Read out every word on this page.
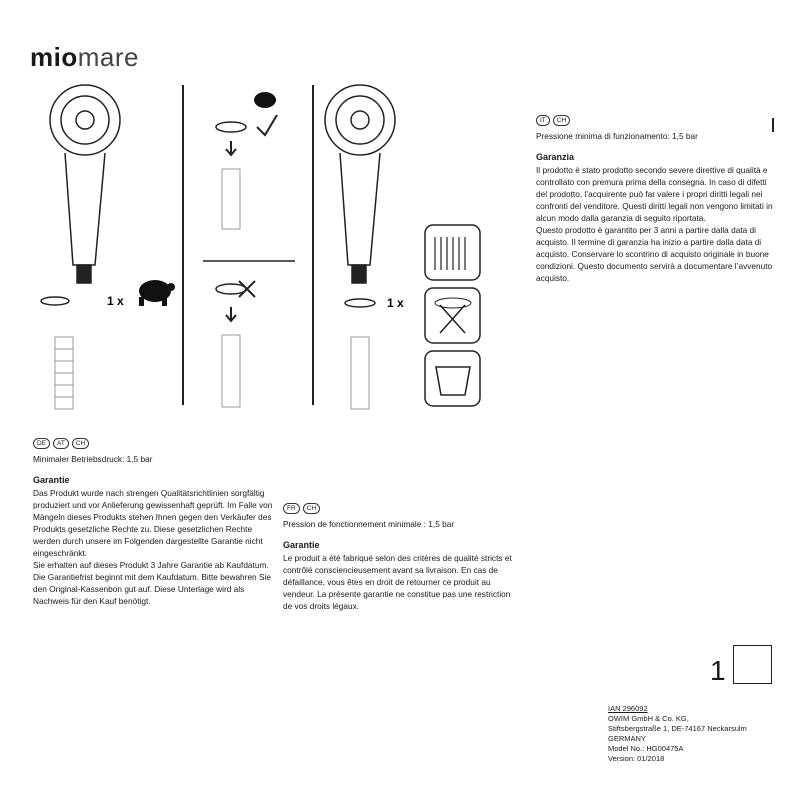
miomare
1 x	1 x
DE	AT	CH
Minimaler Betriebsdruck: 1,5 bar
Garantie
Das Produkt wurde nach strengen Qualitätsrichtlinien sorgfältig produziert und vor Anlieferung gewissenhaft geprüft. Im Falle von Mängeln dieses Produkts stehen Ihnen gegen den Verkäufer des Produkts gesetzliche Rechte zu. Diese gesetzlichen Rechte werden durch unsere im Folgenden dargestellte Garantie nicht eingeschränkt.
Sie erhalten auf dieses Produkt 3 Jahre Garantie ab Kaufdatum. Die Garantiefrist beginnt mit dem Kaufdatum. Bitte bewahren Sie den Original-Kassenbon gut auf. Diese Unterlage wird als Nachweis für den Kauf benötigt.
FR	CH
Pression de fonctionnement minimale : 1,5 bar
Garantie
Le produit a été fabriqué selon des critères de qualité stricts et contrôlé consciencieusement avant sa livraison. En cas de défaillance, vous êtes en droit de retourner ce produit au vendeur. La présente garantie ne constitue pas une restriction de vos droits légaux.
IT	CH
Pressione minima di funzionamento: 1,5 bar
Garanzia
Il prodotto è stato prodotto secondo severe direttive di qualità e controllato con premura prima della consegna. In caso di difetti del prodotto, l’acquirente può far valere i propri diritti legali nei confronti del venditore. Questi diritti legali non vengono limitati in alcun modo dalla garanzia di seguito riportata.
Questo prodotto è garantito per 3 anni a partire dalla data di acquisto. Il termine di garanzia ha inizio a partire dalla data di acquisto. Conservare lo scontrino di acquisto originale in buone condizioni. Questo documento servirà a documentare l’avvenuto acquisto.
1
IAN 296092
OWIM GmbH & Co. KG,
Stiftsbergstraße 1, DE-74167 Neckarsulm
GERMANY
Model No.: HG00475A
Version: 01/2018
